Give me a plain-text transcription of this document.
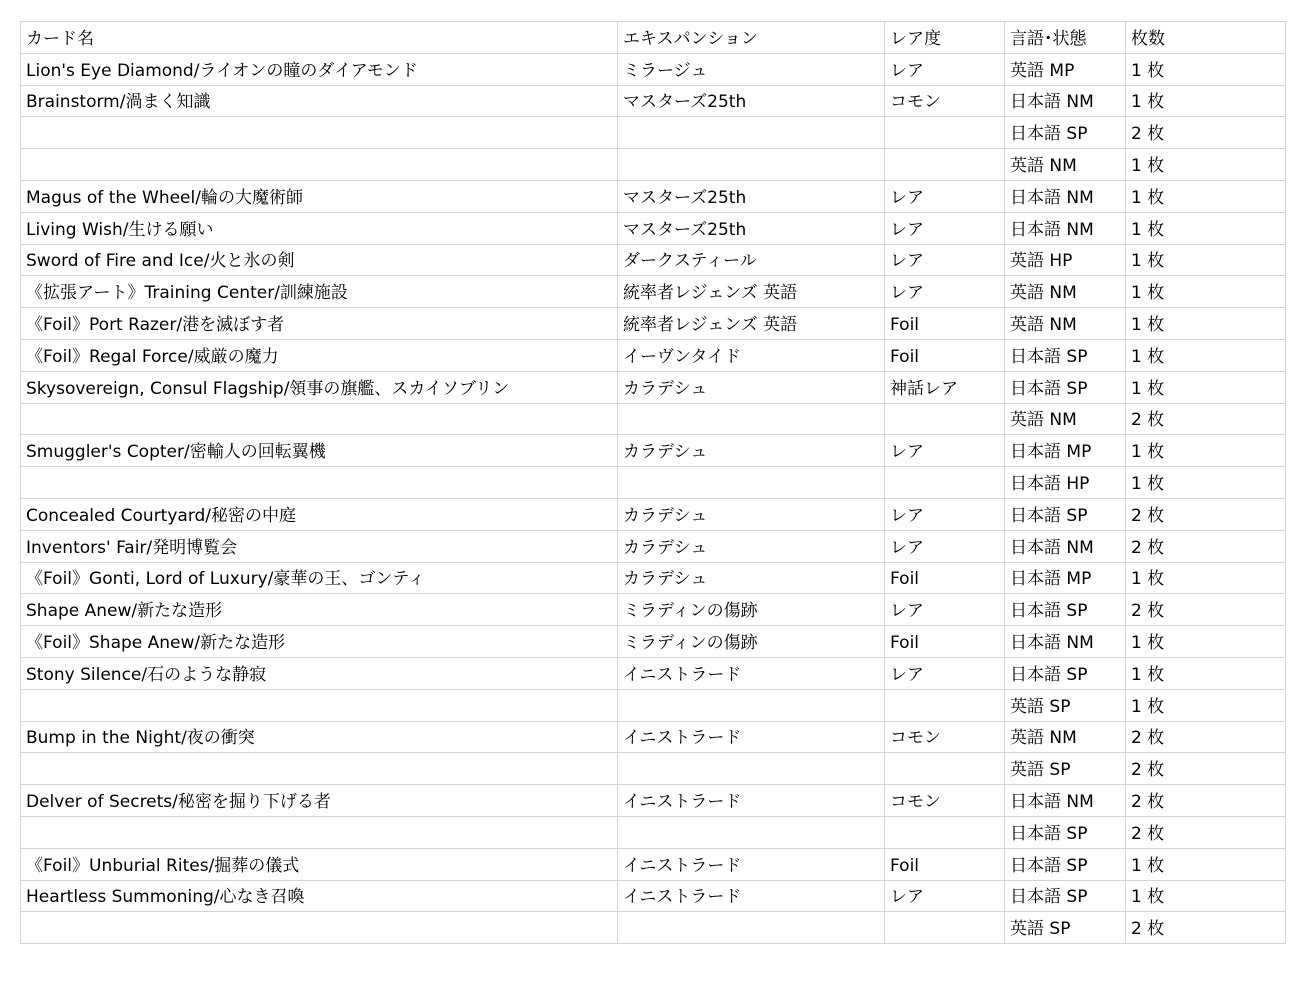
カード名	エキスパンション	レア度	言語･状態	枚数
Lion's Eye Diamond/ライオンの瞳のダイアモンド	ミラージュ	レア	英語 MP	1 枚
Brainstorm/渦まく知識	マスターズ25th	コモン	日本語 NM	1 枚
			日本語 SP	2 枚
			英語 NM	1 枚
Magus of the Wheel/輪の大魔術師	マスターズ25th	レア	日本語 NM	1 枚
Living Wish/生ける願い	マスターズ25th	レア	日本語 NM	1 枚
Sword of Fire and Ice/火と氷の剣	ダークスティール	レア	英語 HP	1 枚
《拡張アート》Training Center/訓練施設	統率者レジェンズ 英語	レア	英語 NM	1 枚
《Foil》Port Razer/港を滅ぼす者	統率者レジェンズ 英語	Foil	英語 NM	1 枚
《Foil》Regal Force/威厳の魔力	イーヴンタイド	Foil	日本語 SP	1 枚
Skysovereign, Consul Flagship/領事の旗艦、スカイソブリン	カラデシュ	神話レア	日本語 SP	1 枚
			英語 NM	2 枚
Smuggler's Copter/密輸人の回転翼機	カラデシュ	レア	日本語 MP	1 枚
			日本語 HP	1 枚
Concealed Courtyard/秘密の中庭	カラデシュ	レア	日本語 SP	2 枚
Inventors' Fair/発明博覧会	カラデシュ	レア	日本語 NM	2 枚
《Foil》Gonti, Lord of Luxury/豪華の王、ゴンティ	カラデシュ	Foil	日本語 MP	1 枚
Shape Anew/新たな造形	ミラディンの傷跡	レア	日本語 SP	2 枚
《Foil》Shape Anew/新たな造形	ミラディンの傷跡	Foil	日本語 NM	1 枚
Stony Silence/石のような静寂	イニストラード	レア	日本語 SP	1 枚
			英語 SP	1 枚
Bump in the Night/夜の衝突	イニストラード	コモン	英語 NM	2 枚
			英語 SP	2 枚
Delver of Secrets/秘密を掘り下げる者	イニストラード	コモン	日本語 NM	2 枚
			日本語 SP	2 枚
《Foil》Unburial Rites/掘葬の儀式	イニストラード	Foil	日本語 SP	1 枚
Heartless Summoning/心なき召喚	イニストラード	レア	日本語 SP	1 枚
			英語 SP	2 枚
